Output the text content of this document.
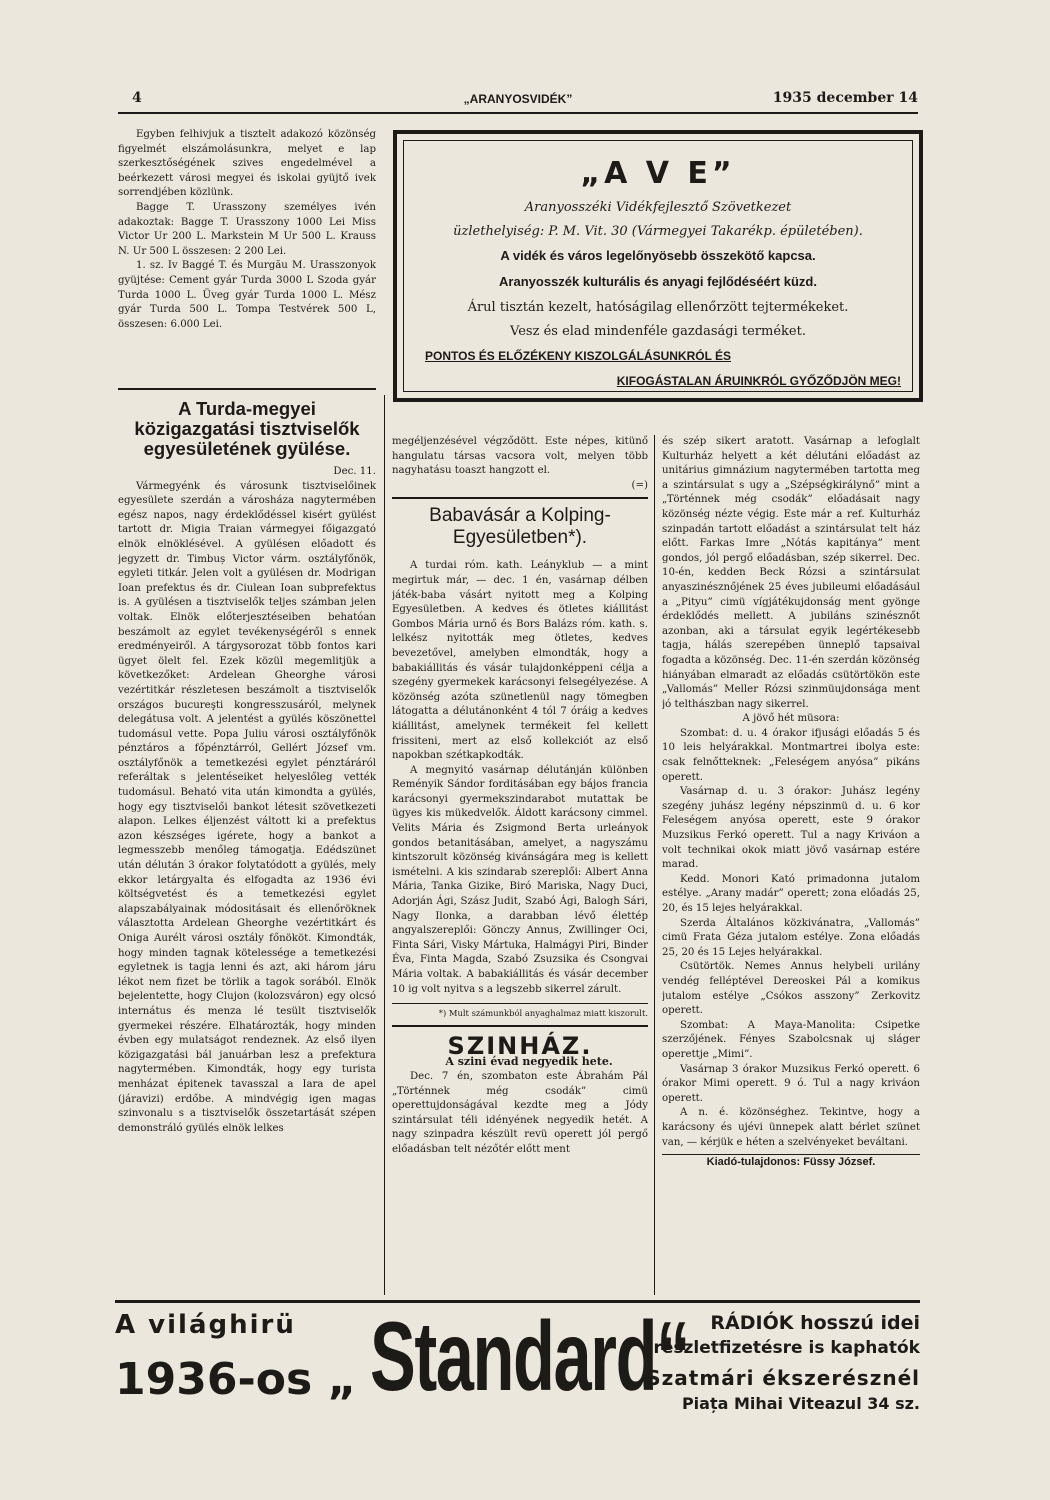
4	„ARANYOSVIDÉK”	1935 december 14

Egyben felhivjuk a tisztelt adakozó közönség figyelmét elszámolásunkra, melyet e lap szerkesztőségének szives engedelmével a beérkezett városi megyei és iskolai gyüjtő ivek sorrendjében közlünk.

Bagge T. Urasszony személyes ivén adakoztak: Bagge T. Urasszony 1000 Lei Miss Victor Ur 200 L. Markstein M Ur 500 L. Krauss N. Ur 500 L összesen: 2 200 Lei.

1. sz. Iv Baggé T. és Murgău M. Urasszonyok gyüjtése: Cement gyár Turda 3000 L Szoda gyár Turda 1000 L. Üveg gyár Turda 1000 L. Mész gyár Turda 500 L. Tompa Testvérek 500 L, összesen: 6.000 Lei.

A Turda-megyei közigazgatási tisztviselők egyesületének gyülése.

Dec. 11.

Vármegyénk és városunk tisztviselőinek egyesülete szerdán a városháza nagytermében egész napos, nagy érdeklődéssel kisért gyülést tartott dr. Migia Traian vármegyei főigazgató elnök elnöklésével. A gyülésen előadott és jegyzett dr. Timbuș Victor várm. osztályfőnök, egyleti titkár. Jelen volt a gyülésen dr. Modrigan Ioan prefektus és dr. Ciulean Ioan subprefektus is. A gyülésen a tisztviselők teljes számban jelen voltak. Elnök előterjesztéseiben behatóan beszámolt az egylet tevékenységéről s ennek eredményeiről. A tárgysorozat több fontos kari ügyet ölelt fel. Ezek közül megemlitjük a következőket: Ardelean Gheorghe városi vezértitkár részletesen beszámolt a tisztviselők országos bucureşti kongresszusáról, melynek delegátusa volt. A jelentést a gyülés köszönettel tudomásul vette. Popa Juliu városi osztályfőnök pénztáros a főpénztárról, Gellért József vm. osztályfőnök a temetkezési egylet pénztáráról referáltak s jelentéseiket helyeslőleg vették tudomásul. Beható vita után kimondta a gyülés, hogy egy tisztviselői bankot létesit szövetkezeti alapon. Lelkes éljenzést váltott ki a prefektus azon készséges igérete, hogy a bankot a legmesszebb menőleg támogatja. Edédszünet után délután 3 órakor folytatódott a gyülés, mely ekkor letárgyalta és elfogadta az 1936 évi költségvetést és a temetkezési egylet alapszabályainak módositásait és ellenőröknek választotta Ardelean Gheorghe vezértitkárt és Oniga Aurélt városi osztály főnököt. Kimondták, hogy minden tagnak kötelessége a temetkezési egyletnek is tagja lenni és azt, aki három járu lékot nem fizet be törlik a tagok sorából. Elnök bejelentette, hogy Clujon (kolozsváron) egy olcsó internátus és menza lé tesült tisztviselők gyermekei részére. Elhatározták, hogy minden évben egy mulatságot rendeznek. Az első ilyen közigazgatási bál januárban lesz a prefektura nagytermében. Kimondták, hogy egy turista menházat épitenek tavasszal a Iara de apel (járavizi) erdőbe. A mindvégig igen magas szinvonalu s a tisztviselők összetartását szépen demonstráló gyülés elnök lelkes

„A V E”
Aranyosszéki Vidékfejlesztő Szövetkezet
üzlethelyiség: P. M. Vit. 30 (Vármegyei Takarékp. épületében).
A vidék és város legelőnyösebb összekötő kapcsa.
Aranyosszék kulturális és anyagi fejlődéséért küzd.
Árul tisztán kezelt, hatóságilag ellenőrzött tejtermékeket.
Vesz és elad mindenféle gazdasági terméket.
PONTOS ÉS ELŐZÉKENY KISZOLGÁLÁSUNKRÓL ÉS
KIFOGÁSTALAN ÁRUINKRÓL GYŐZŐDJÖN MEG!

megéljenzésével végződött. Este népes, kitünő hangulatu társas vacsora volt, melyen több nagyhatásu toaszt hangzott el.

(=)

Babavásár a Kolping-Egyesületben*).

A turdai róm. kath. Leányklub — a mint megirtuk már, — dec. 1 én, vasárnap délben játék-baba vásárt nyitott meg a Kolping Egyesületben. A kedves és ötletes kiállitást Gombos Mária urnő és Bors Balázs róm. kath. s. lelkész nyitották meg ötletes, kedves bevezetővel, amelyben elmondták, hogy a babakiállitás és vásár tulajdonképpeni célja a szegény gyermekek karácsonyi felsegélyezése. A közönség azóta szünetlenül nagy tömegben látogatta a délutánonként 4 tól 7 óráig a kedves kiállitást, amelynek termékeit fel kellett frissiteni, mert az első kollekciót az első napokban szétkapkodták.

A megnyitó vasárnap délutánján különben Reményik Sándor forditásában egy bájos francia karácsonyi gyermekszindarabot mutattak be ügyes kis mükedvelők. Áldott karácsony cimmel. Velits Mária és Zsigmond Berta urleányok gondos betanitásában, amelyet, a nagyszámu kintszorult közönség kivánságára meg is kellett ismételni. A kis szindarab szereplői: Albert Anna Mária, Tanka Gizike, Biró Mariska, Nagy Duci, Adorján Ági, Szász Judit, Szabó Ági, Balogh Sári, Nagy Ilonka, a darabban lévő élettép angyalszereplői: Gönczy Annus, Zwillinger Oci, Finta Sári, Visky Mártuka, Halmágyi Piri, Binder Éva, Finta Magda, Szabó Zsuzsika és Csongvai Mária voltak. A babakiállitás és vásár december 10 ig volt nyitva s a legszebb sikerrel zárult.

*) Mult számunkból anyaghalmaz miatt kiszorult.
SZINHÁZ.

A szini évad negyedik hete.

Dec. 7 én, szombaton este Ábrahám Pál „Történnek még csodák” cimü operettujdonságával kezdte meg a Jódy szintársulat téli idényének negyedik hetét. A nagy szinpadra készült revü operett jól pergő előadásban telt nézőtér előtt ment

és szép sikert aratott. Vasárnap a lefoglalt Kulturház helyett a két délutáni előadást az unitárius gimnázium nagytermében tartotta meg a szintársulat s ugy a „Szépségkirálynő” mint a „Történnek még csodák” előadásait nagy közönség nézte végig. Este már a ref. Kulturház szinpadán tartott előadást a szintársulat telt ház előtt. Farkas Imre „Nótás kapitánya” ment gondos, jól pergő előadásban, szép sikerrel. Dec. 10-én, kedden Beck Rózsi a szintársulat anyaszinésznőjének 25 éves jubileumi előadásául a „Pityu” cimü vígjátékujdonság ment gyönge érdeklődés mellett. A jubiláns szinésznőt azonban, aki a társulat egyik legértékesebb tagja, hálás szerepében ünneplő tapsaival fogadta a közönség. Dec. 11-én szerdán közönség hiányában elmaradt az előadás csütörtökön este „Vallomás” Meller Rózsi szinmüujdonsága ment jó telthászban nagy sikerrel.

A jövő hét müsora:

Szombat: d. u. 4 órakor ifjusági előadás 5 és 10 leis helyárakkal. Montmartrei ibolya este: csak felnőtteknek: „Feleségem anyósa” pikáns operett.

Vasárnap d. u. 3 órakor: Juhász legény szegény juhász legény népszinmü d. u. 6 kor Feleségem anyósa operett, este 9 órakor Muzsikus Ferkó operett. Tul a nagy Kriváon a volt technikai okok miatt jövő vasárnap estére marad.

Kedd. Monori Kató primadonna jutalom estélye. „Arany madár” operett; zona előadás 25, 20, és 15 lejes helyárakkal.

Szerda Általános közkivánatra, „Vallomás” cimü Frata Géza jutalom estélye. Zona előadás 25, 20 és 15 Lejes helyárakkal.

Csütörtök. Nemes Annus helybeli urilány vendég felléptével Dereoskei Pál a komikus jutalom estélye „Csókos asszony” Zerkovitz operett.

Szombat: A Maya-Manolita: Csipetke szerzőjének. Fényes Szabolcsnak uj sláger operettje „Mimi”.

Vasárnap 3 órakor Muzsikus Ferkó operett. 6 órakor Mimi operett. 9 ó. Tul a nagy kriváon operett.

A n. é. közönséghez. Tekintve, hogy a karácsony és ujévi ünnepek alatt bérlet szünet van, — kérjük e héten a szelvényeket beváltani.

Kiadó-tulajdonos: Füssy József.

A világhirü
1936-os „ Standard“ RÁDIÓK hosszú idei
részletfizetésre is kaphatók
Szatmári ékszerésznél
Piața Mihai Viteazul 34 sz.
